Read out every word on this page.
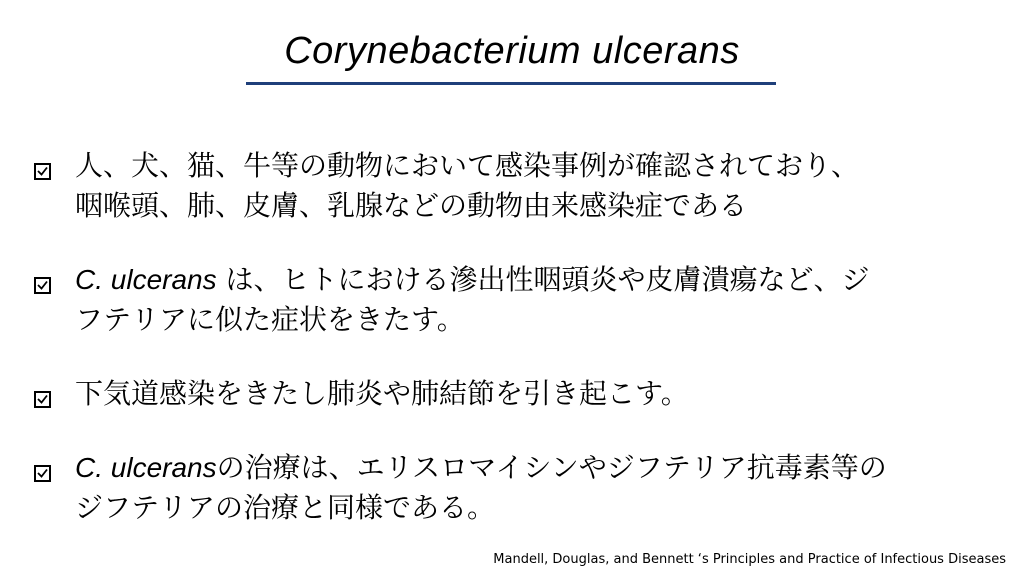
Corynebacterium ulcerans
人、犬、猫、牛等の動物において感染事例が確認されており、
咽喉頭、肺、皮膚、乳腺などの動物由来感染症である
C. ulcerans は、ヒトにおける滲出性咽頭炎や皮膚潰瘍など、ジ
フテリアに似た症状をきたす。
下気道感染をきたし肺炎や肺結節を引き起こす。
C. ulceransの治療は、エリスロマイシンやジフテリア抗毒素等の
ジフテリアの治療と同様である。
Mandell, Douglas, and Bennett ‘s Principles and Practice of Infectious Diseases
